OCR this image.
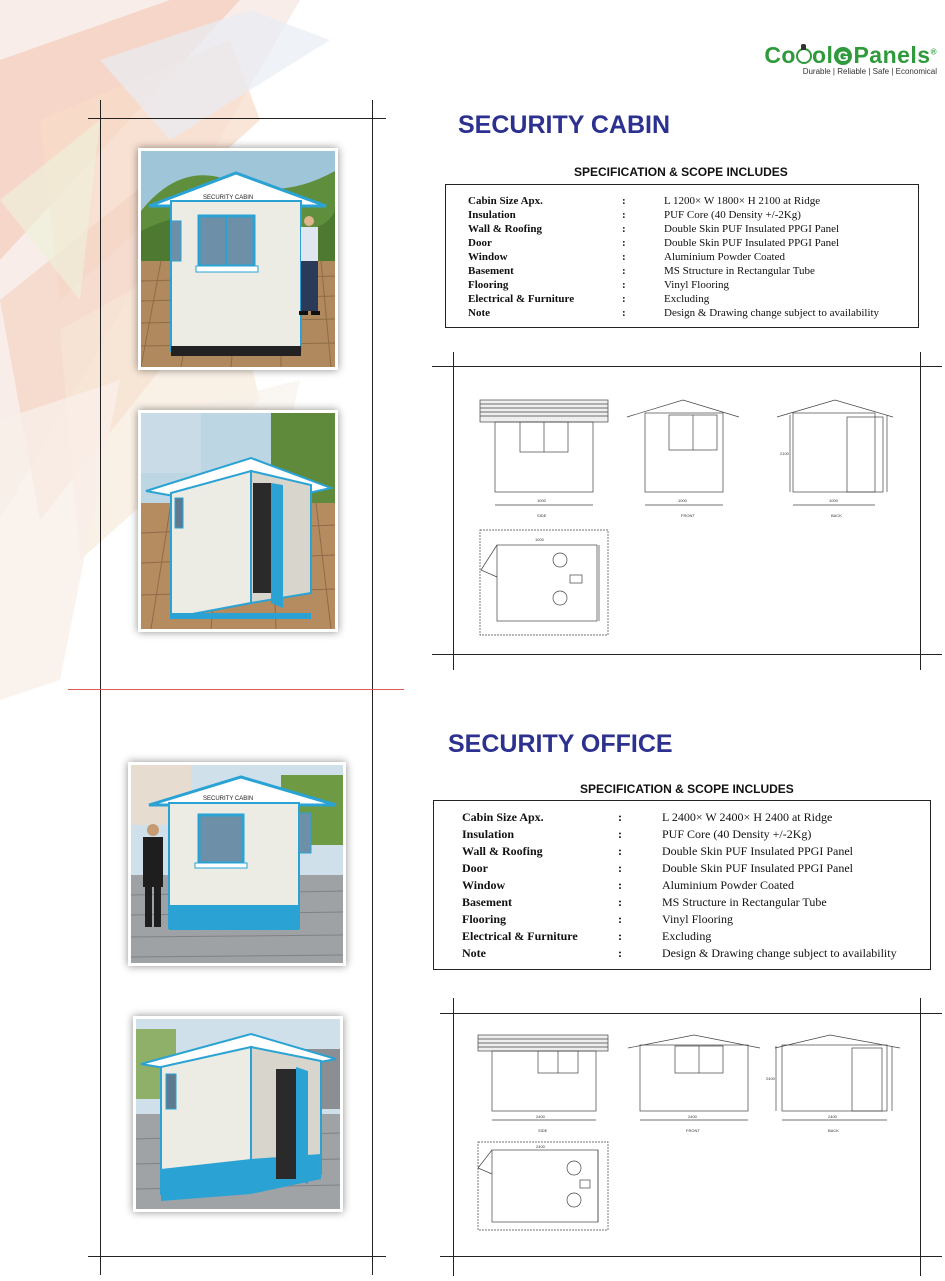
Co ol G Panels®
Durable | Reliable | Safe | Economical
SECURITY CABIN
SPECIFICATION & SCOPE INCLUDES
Cabin Size Apx.	:	L 1200× W 1800× H 2100 at Ridge
Insulation	:	PUF Core (40 Density +/-2Kg)
Wall & Roofing	:	Double Skin PUF Insulated PPGI Panel
Door	:	Double Skin PUF Insulated PPGI Panel
Window	:	Aluminium Powder Coated
Basement	:	MS Structure in Rectangular Tube
Flooring	:	Vinyl Flooring
Electrical & Furniture	:	Excluding
Note	:	Design & Drawing change subject to availability
SECURITY CABIN
SIDE	FRONT	BACK
1000	1000	1000
1000
2100
SECURITY OFFICE
SPECIFICATION & SCOPE INCLUDES
Cabin Size Apx.	:	L 2400× W 2400× H 2400 at Ridge
Insulation	:	PUF Core (40 Density +/-2Kg)
Wall & Roofing	:	Double Skin PUF Insulated PPGI Panel
Door	:	Double Skin PUF Insulated PPGI Panel
Window	:	Aluminium Powder Coated
Basement	:	MS Structure in Rectangular Tube
Flooring	:	Vinyl Flooring
Electrical & Furniture	:	Excluding
Note	:	Design & Drawing change subject to availability
SECURITY CABIN
SIDE	FRONT	BACK
2400	2400	2400
2400
2400
